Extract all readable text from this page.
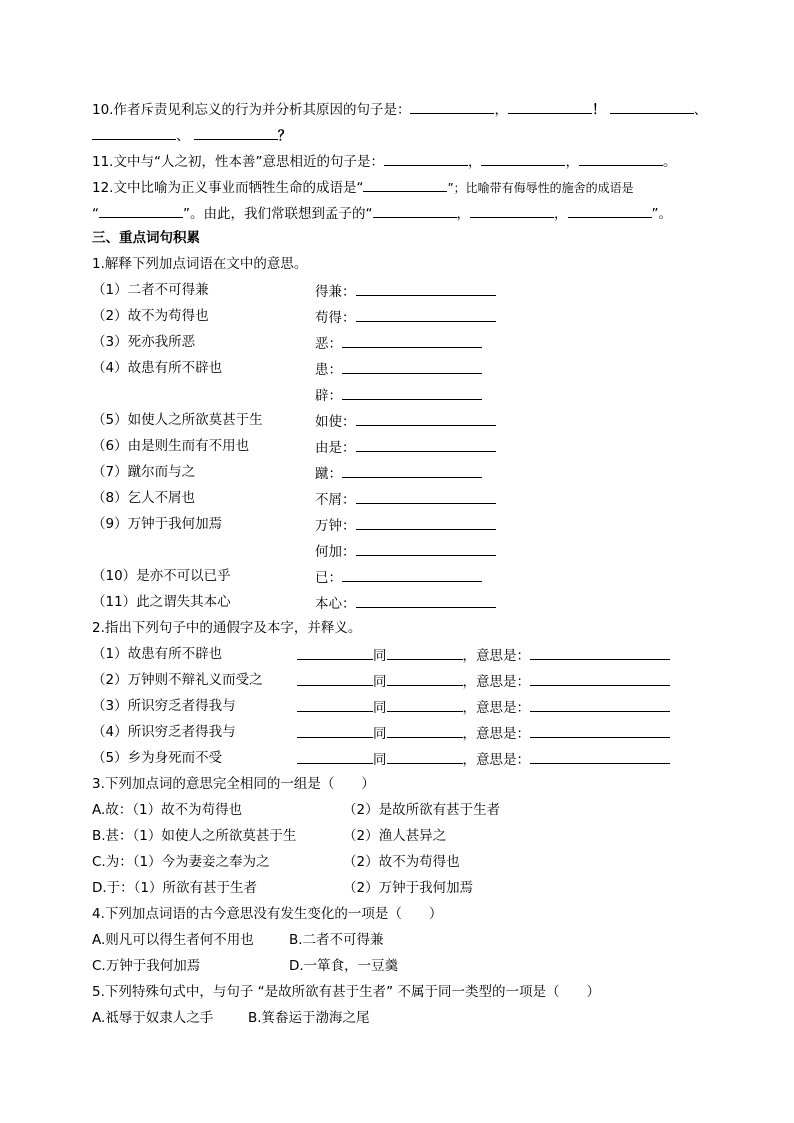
10.作者斥责见利忘义的行为并分析其原因的句子是：	，	！	、
、	？
11.文中与“人之初，性本善”意思相近的句子是：	，	，	。
12.文中比喻为正义事业而牺牲生命的成语是“	”；比喻带有侮辱性的施舍的成语是
“	”。由此，我们常联想到孟子的“	，	，	”。
三、重点词句积累
1.解释下列加点词语在文中的意思。
（1）二者不可得兼	得兼：
（2）故不为苟得也	苟得：
（3）死亦我所恶	恶：
（4）故患有所不辟也	患：
辟：
（5）如使人之所欲莫甚于生	如使：
（6）由是则生而有不用也	由是：
（7）蹴尔而与之	蹴：
（8）乞人不屑也	不屑：
（9）万钟于我何加焉	万钟：
何加：
（10）是亦不可以已乎	已：
（11）此之谓失其本心	本心：
2.指出下列句子中的通假字及本字，并释义。
（1）故患有所不辟也	同	，意思是：
（2）万钟则不辩礼义而受之	同	，意思是：
（3）所识穷乏者得我与	同	，意思是：
（4）所识穷乏者得我与	同	，意思是：
（5）乡为身死而不受	同	，意思是：
3.下列加点词的意思完全相同的一组是（　　）
A.故：（1）故不为苟得也	（2）是故所欲有甚于生者
B.甚：（1）如使人之所欲莫甚于生	（2）渔人甚异之
C.为：（1）今为妻妾之奉为之	（2）故不为苟得也
D.于：（1）所欲有甚于生者	（2）万钟于我何加焉
4.下列加点词语的古今意思没有发生变化的一项是（　　）
A.则凡可以得生者何不用也	B.二者不可得兼
C.万钟于我何加焉	D.一箪食，一豆羹
5.下列特殊句式中，与句子 “是故所欲有甚于生者” 不属于同一类型的一项是（　　）
A.祗辱于奴隶人之手	B.箕畚运于渤海之尾
